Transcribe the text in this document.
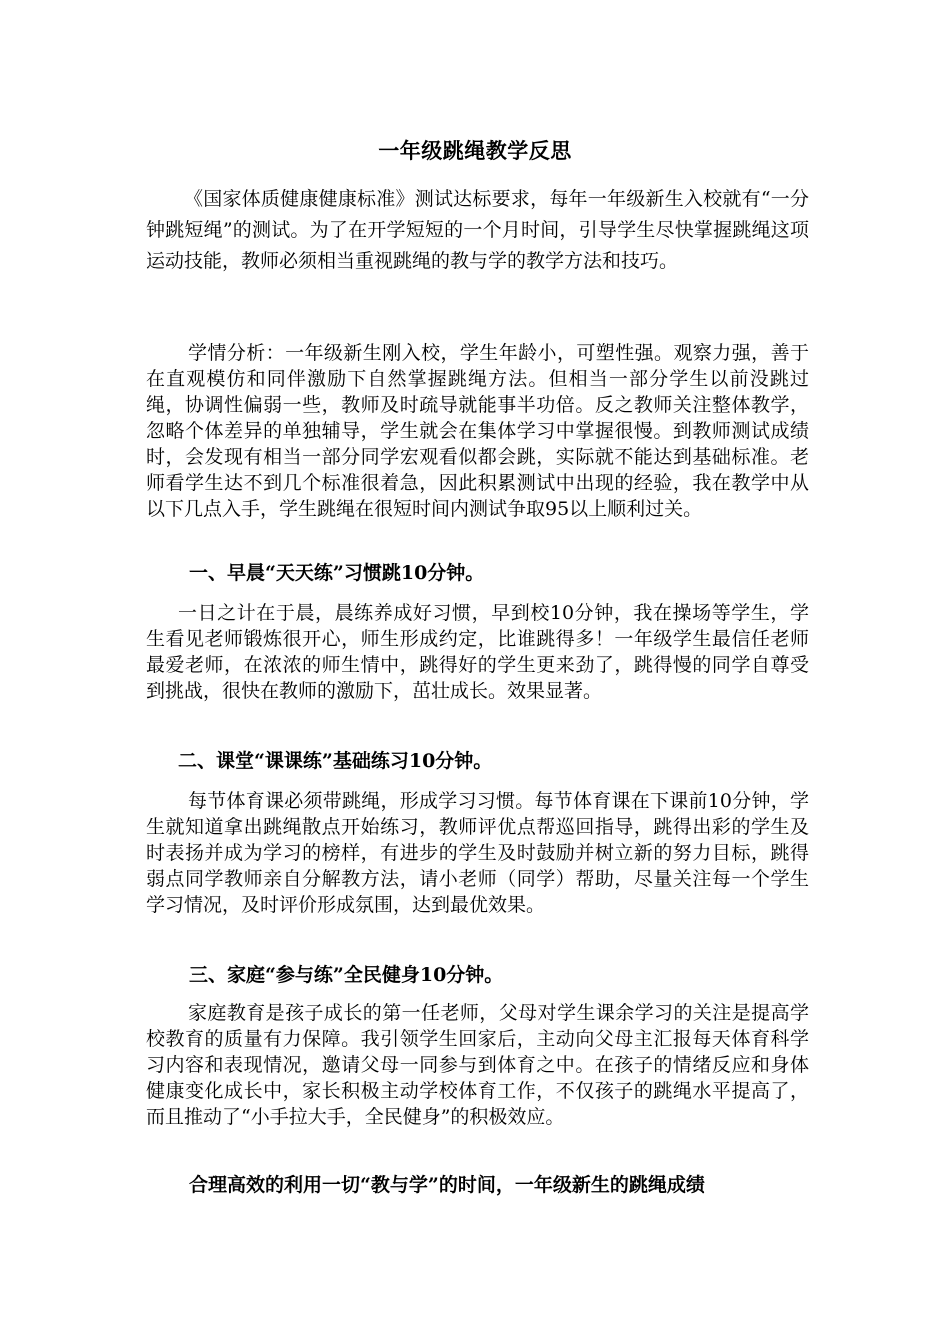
一年级跳绳教学反思

《国家体质健康健康标准》测试达标要求，每年一年级新生入校就有“一分钟跳短绳”的测试。为了在开学短短的一个月时间，引导学生尽快掌握跳绳这项运动技能，教师必须相当重视跳绳的教与学的教学方法和技巧。

学情分析：一年级新生刚入校，学生年龄小，可塑性强。观察力强，善于在直观模仿和同伴激励下自然掌握跳绳方法。但相当一部分学生以前没跳过绳，协调性偏弱一些，教师及时疏导就能事半功倍。反之教师关注整体教学，忽略个体差异的单独辅导，学生就会在集体学习中掌握很慢。到教师测试成绩时，会发现有相当一部分同学宏观看似都会跳，实际就不能达到基础标准。老师看学生达不到几个标准很着急，因此积累测试中出现的经验，我在教学中从以下几点入手，学生跳绳在很短时间内测试争取95以上顺利过关。

一、早晨“天天练”习惯跳10分钟。

一日之计在于晨，晨练养成好习惯，早到校10分钟，我在操场等学生，学生看见老师锻炼很开心，师生形成约定，比谁跳得多！一年级学生最信任老师最爱老师，在浓浓的师生情中，跳得好的学生更来劲了，跳得慢的同学自尊受到挑战，很快在教师的激励下，茁壮成长。效果显著。

二、课堂“课课练”基础练习10分钟。

每节体育课必须带跳绳，形成学习习惯。每节体育课在下课前10分钟，学生就知道拿出跳绳散点开始练习，教师评优点帮巡回指导，跳得出彩的学生及时表扬并成为学习的榜样，有进步的学生及时鼓励并树立新的努力目标，跳得弱点同学教师亲自分解教方法，请小老师（同学）帮助，尽量关注每一个学生学习情况，及时评价形成氛围，达到最优效果。

三、家庭“参与练”全民健身10分钟。

家庭教育是孩子成长的第一任老师，父母对学生课余学习的关注是提高学校教育的质量有力保障。我引领学生回家后，主动向父母主汇报每天体育科学习内容和表现情况，邀请父母一同参与到体育之中。在孩子的情绪反应和身体健康变化成长中，家长积极主动学校体育工作，不仅孩子的跳绳水平提高了，而且推动了“小手拉大手，全民健身”的积极效应。

合理高效的利用一切“教与学”的时间，一年级新生的跳绳成绩
